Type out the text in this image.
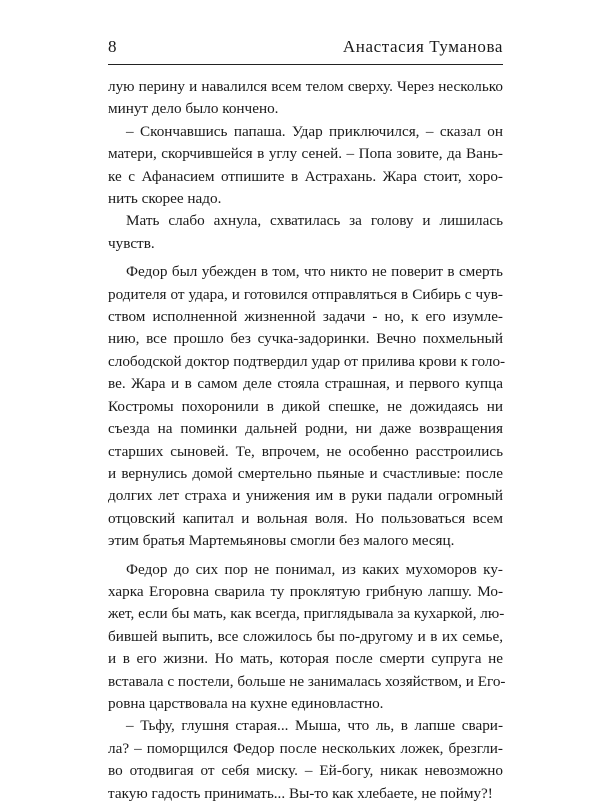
8	Анастасия Туманова
лую перину и навалился всем телом сверху. Через несколько
минут дело было кончено.
– Скончавшись папаша. Удар приключился, – сказал он
матери, скорчившейся в углу сеней. – Попа зовите, да Вань-
ке с Афанасием отпишите в Астрахань. Жара стоит, хоро-
нить скорее надо.
Мать слабо ахнула, схватилась за голову и лишилась
чувств.
Федор был убежден в том, что никто не поверит в смерть
родителя от удара, и готовился отправляться в Сибирь с чув-
ством исполненной жизненной задачи - но, к его изумле-
нию, все прошло без сучка-задоринки. Вечно похмельный
слободской доктор подтвердил удар от прилива крови к голо-
ве. Жара и в самом деле стояла страшная, и первого купца
Костромы похоронили в дикой спешке, не дожидаясь ни
съезда на поминки дальней родни, ни даже возвращения
старших сыновей. Те, впрочем, не особенно расстроились
и вернулись домой смертельно пьяные и счастливые: после
долгих лет страха и унижения им в руки падали огромный
отцовский капитал и вольная воля. Но пользоваться всем
этим братья Мартемьяновы смогли без малого месяц.
Федор до сих пор не понимал, из каких мухоморов ку-
харка Егоровна сварила ту проклятую грибную лапшу. Мо-
жет, если бы мать, как всегда, приглядывала за кухаркой, лю-
бившей выпить, все сложилось бы по-другому и в их семье,
и в его жизни. Но мать, которая после смерти супруга не
вставала с постели, больше не занималась хозяйством, и Его-
ровна царствовала на кухне единовластно.
– Тьфу, глушня старая... Мыша, что ль, в лапше свари-
ла? – поморщился Федор после нескольких ложек, брезгли-
во отодвигая от себя миску. – Ей-богу, никак невозможно
такую гадость принимать... Вы-то как хлебаете, не пойму?!
